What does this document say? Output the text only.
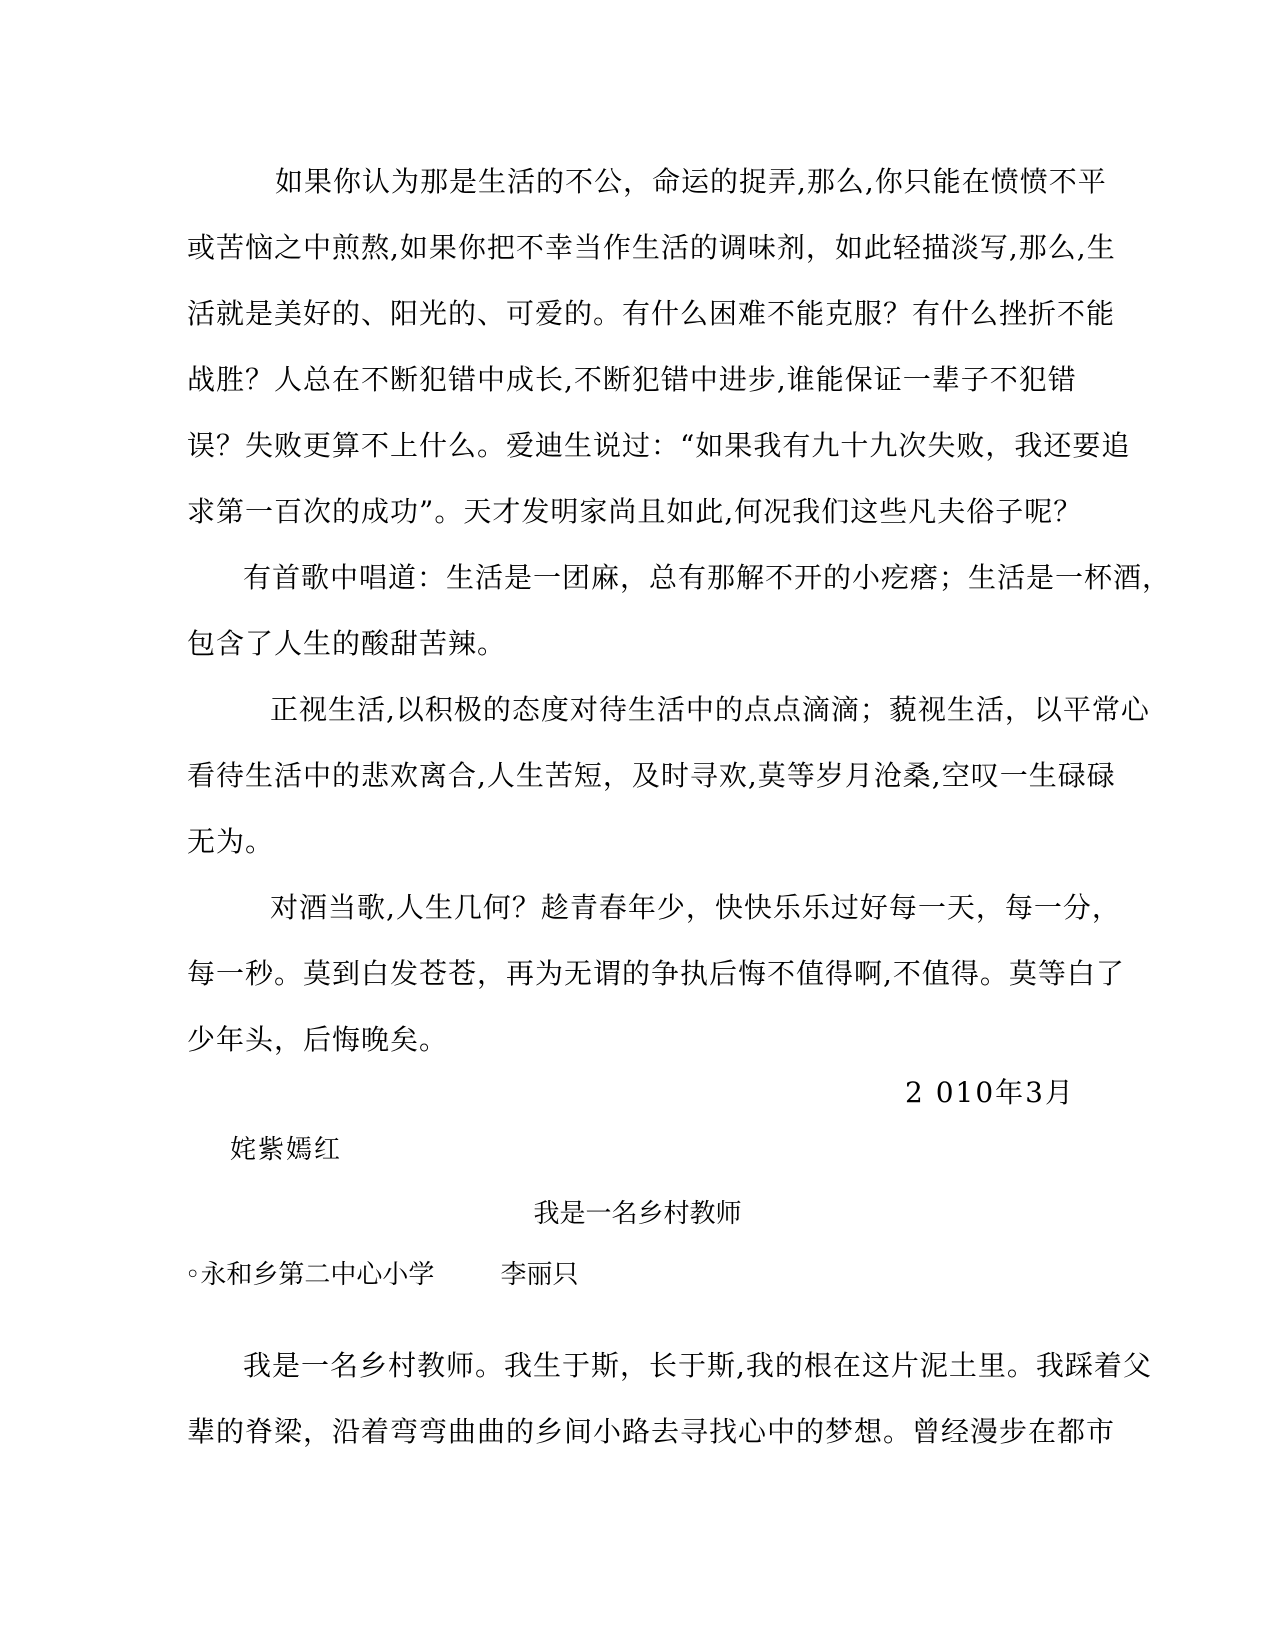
如果你认为那是生活的不公，命运的捉弄,那么,你只能在愤愤不平
或苦恼之中煎熬,如果你把不幸当作生活的调味剂，如此轻描淡写,那么,生
活就是美好的、阳光的、可爱的。有什么困难不能克服？有什么挫折不能
战胜？人总在不断犯错中成长,不断犯错中进步,谁能保证一辈子不犯错
误？失败更算不上什么。爱迪生说过：“如果我有九十九次失败，我还要追
求第一百次的成功”。天才发明家尚且如此,何况我们这些凡夫俗子呢？
有首歌中唱道：生活是一团麻，总有那解不开的小疙瘩；生活是一杯酒，
包含了人生的酸甜苦辣。
正视生活,以积极的态度对待生活中的点点滴滴；藐视生活，以平常心
看待生活中的悲欢离合,人生苦短，及时寻欢,莫等岁月沧桑,空叹一生碌碌
无为。
对酒当歌,人生几何？趁青春年少，快快乐乐过好每一天，每一分，
每一秒。莫到白发苍苍，再为无谓的争执后悔不值得啊,不值得。莫等白了
少年头，后悔晚矣。
2 010年3月
姹紫嫣红
我是一名乡村教师
◦永和乡第二中心小学	李丽只
我是一名乡村教师。我生于斯，长于斯,我的根在这片泥土里。我踩着父
辈的脊梁，沿着弯弯曲曲的乡间小路去寻找心中的梦想。曾经漫步在都市
